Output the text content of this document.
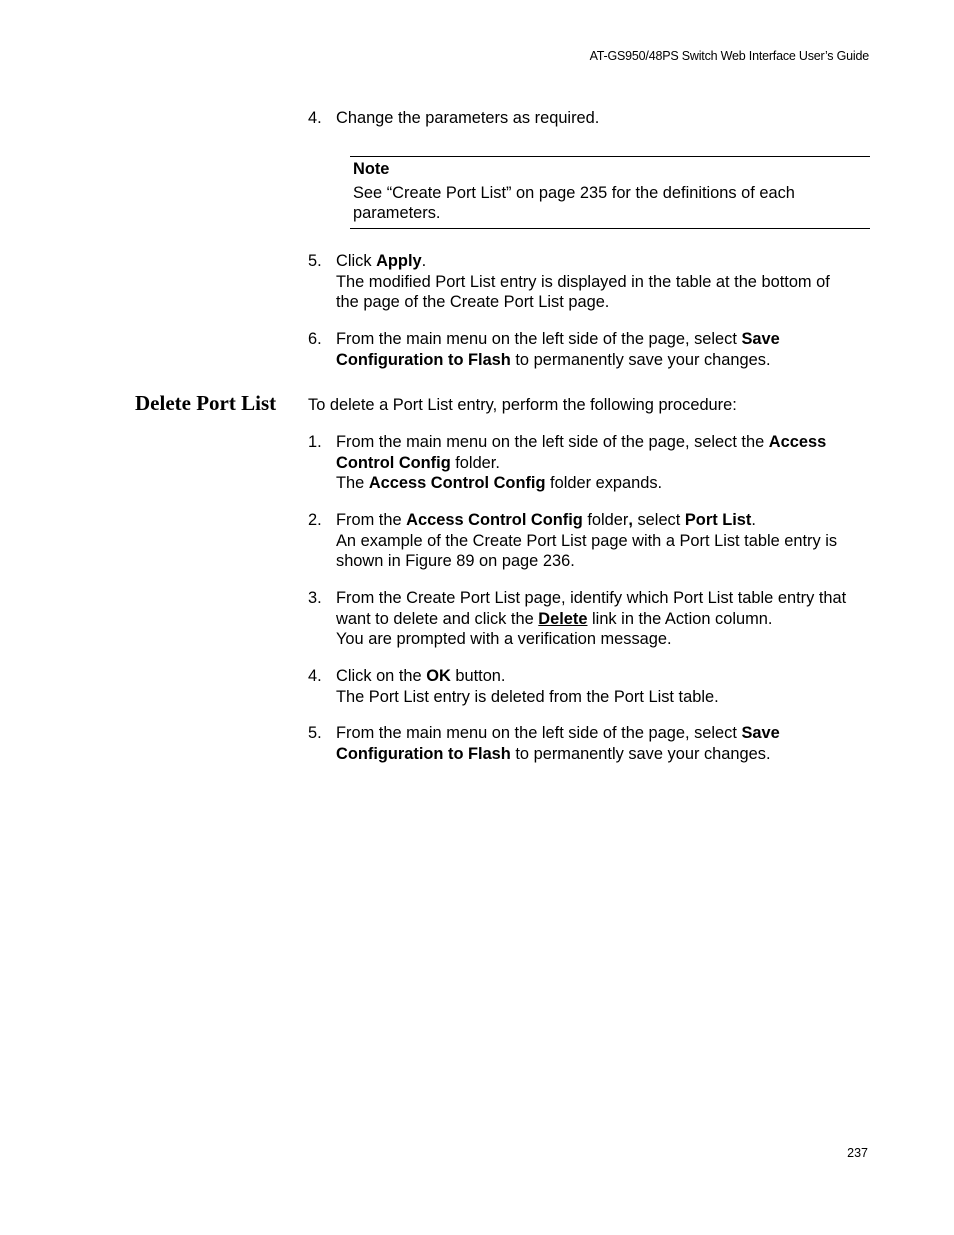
AT-GS950/48PS Switch Web Interface User’s Guide
4. Change the parameters as required.
Note
See “Create Port List” on page 235 for the definitions of each
parameters.
5. Click Apply.
The modified Port List entry is displayed in the table at the bottom of
the page of the Create Port List page.
6. From the main menu on the left side of the page, select Save
Configuration to Flash to permanently save your changes.
Delete Port List To delete a Port List entry, perform the following procedure:
1. From the main menu on the left side of the page, select the Access
Control Config folder.
The Access Control Config folder expands.
2. From the Access Control Config folder, select Port List.
An example of the Create Port List page with a Port List table entry is
shown in Figure 89 on page 236.
3. From the Create Port List page, identify which Port List table entry that
want to delete and click the Delete link in the Action column.
You are prompted with a verification message.
4. Click on the OK button.
The Port List entry is deleted from the Port List table.
5. From the main menu on the left side of the page, select Save
Configuration to Flash to permanently save your changes.
237
